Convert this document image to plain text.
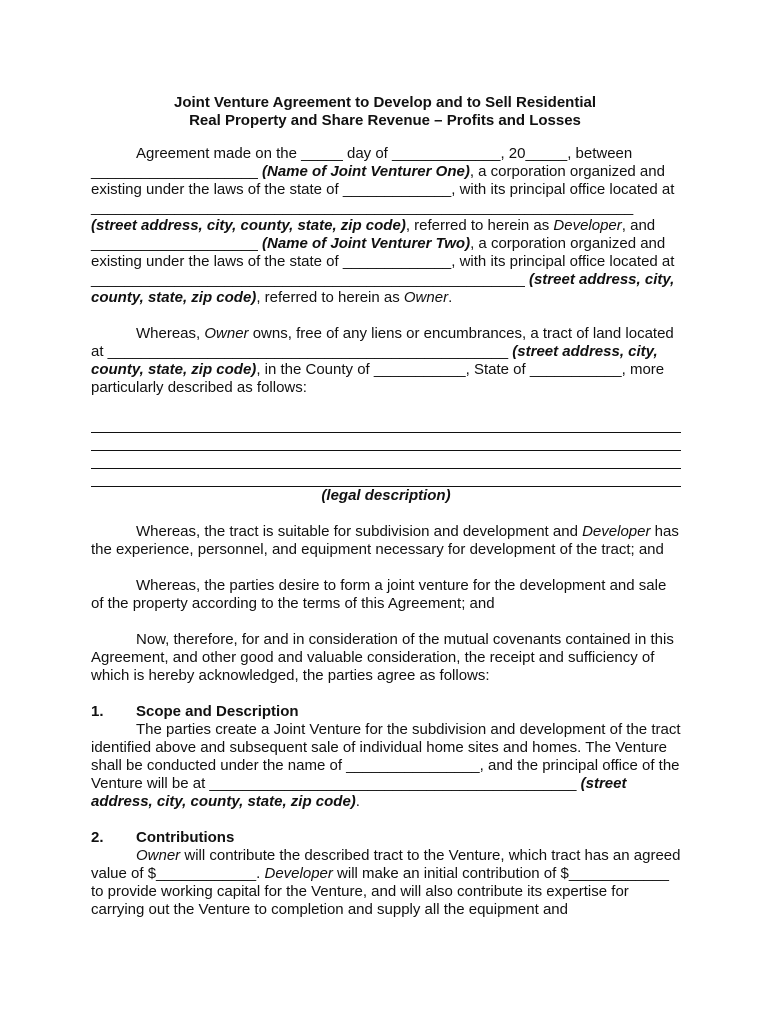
Joint Venture Agreement to Develop and to Sell Residential
Real Property and Share Revenue – Profits and Losses

Agreement made on the _____ day of _____________, 20_____, between ____________________ (Name of Joint Venturer One), a corporation organized and existing under the laws of the state of _____________, with its principal office located at _________________________________________________________________ (street address, city, county, state, zip code), referred to herein as Developer, and ____________________ (Name of Joint Venturer Two), a corporation organized and existing under the laws of the state of _____________, with its principal office located at ____________________________________________________ (street address, city, county, state, zip code), referred to herein as Owner.

Whereas, Owner owns, free of any liens or encumbrances, a tract of land located at ________________________________________________ (street address, city, county, state, zip code), in the County of ___________, State of ___________, more particularly described as follows:

(legal description)

Whereas, the tract is suitable for subdivision and development and Developer has the experience, personnel, and equipment necessary for development of the tract; and

Whereas, the parties desire to form a joint venture for the development and sale of the property according to the terms of this Agreement; and

Now, therefore, for and in consideration of the mutual covenants contained in this Agreement, and other good and valuable consideration, the receipt and sufficiency of which is hereby acknowledged, the parties agree as follows:

1. Scope and Description

The parties create a Joint Venture for the subdivision and development of the tract identified above and subsequent sale of individual home sites and homes. The Venture shall be conducted under the name of ________________, and the principal office of the Venture will be at ____________________________________________ (street address, city, county, state, zip code).

2. Contributions

Owner will contribute the described tract to the Venture, which tract has an agreed value of $____________. Developer will make an initial contribution of $____________ to provide working capital for the Venture, and will also contribute its expertise for carrying out the Venture to completion and supply all the equipment and
